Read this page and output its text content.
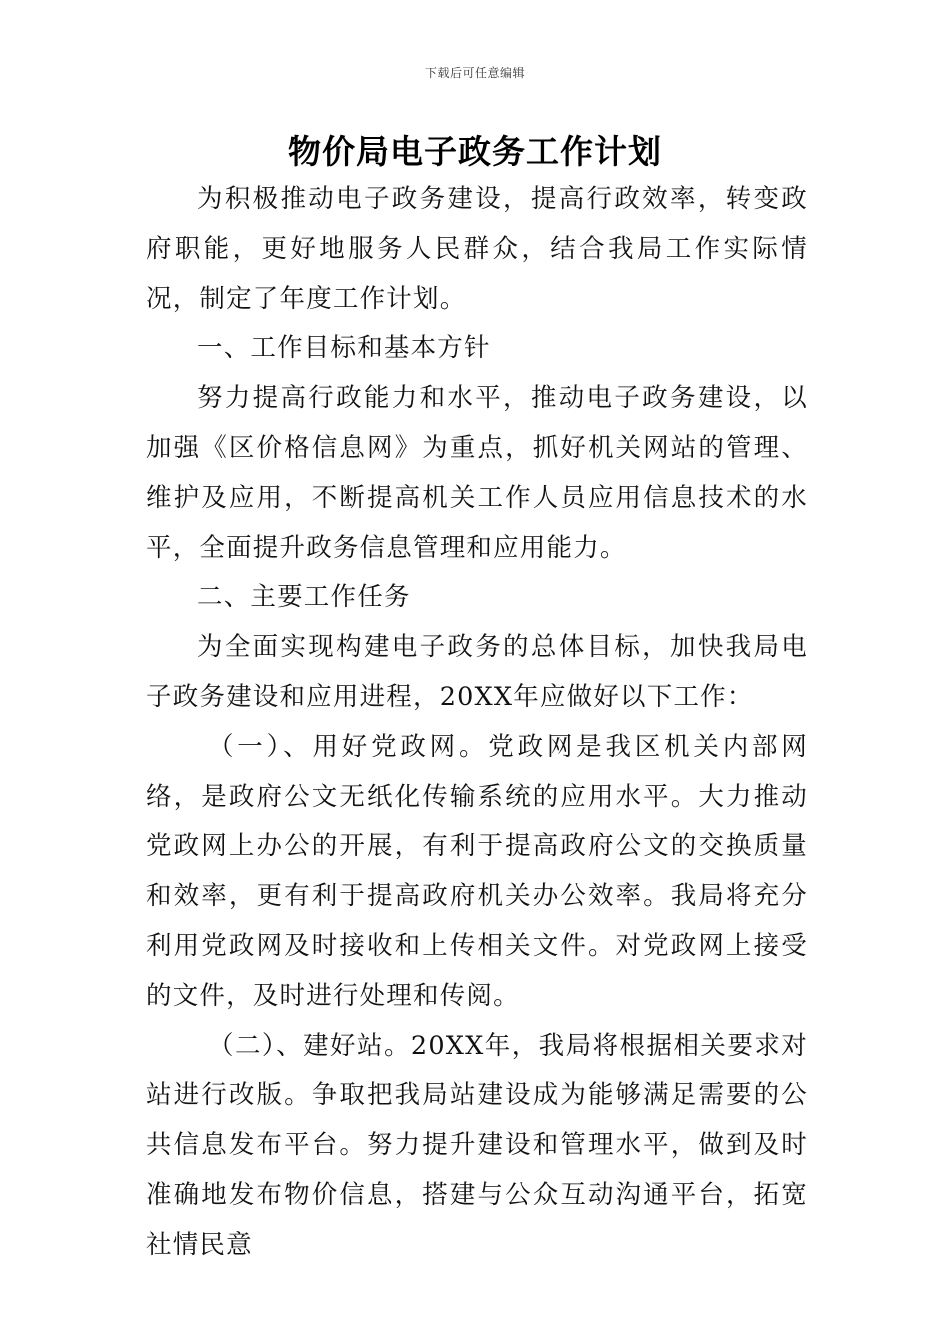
下载后可任意编辑
物价局电子政务工作计划

为积极推动电子政务建设，提高行政效率，转变政府职能，更好地服务人民群众，结合我局工作实际情况，制定了年度工作计划。

一、工作目标和基本方针

努力提高行政能力和水平，推动电子政务建设，以加强《区价格信息网》为重点，抓好机关网站的管理、维护及应用，不断提高机关工作人员应用信息技术的水平，全面提升政务信息管理和应用能力。

二、主要工作任务

为全面实现构建电子政务的总体目标，加快我局电子政务建设和应用进程，20XX年应做好以下工作：

（一）、用好党政网。党政网是我区机关内部网络，是政府公文无纸化传输系统的应用水平。大力推动党政网上办公的开展，有利于提高政府公文的交换质量和效率，更有利于提高政府机关办公效率。我局将充分利用党政网及时接收和上传相关文件。对党政网上接受的文件，及时进行处理和传阅。

（二）、建好站。20XX年，我局将根据相关要求对站进行改版。争取把我局站建设成为能够满足需要的公共信息发布平台。努力提升建设和管理水平，做到及时准确地发布物价信息，搭建与公众互动沟通平台，拓宽社情民意
